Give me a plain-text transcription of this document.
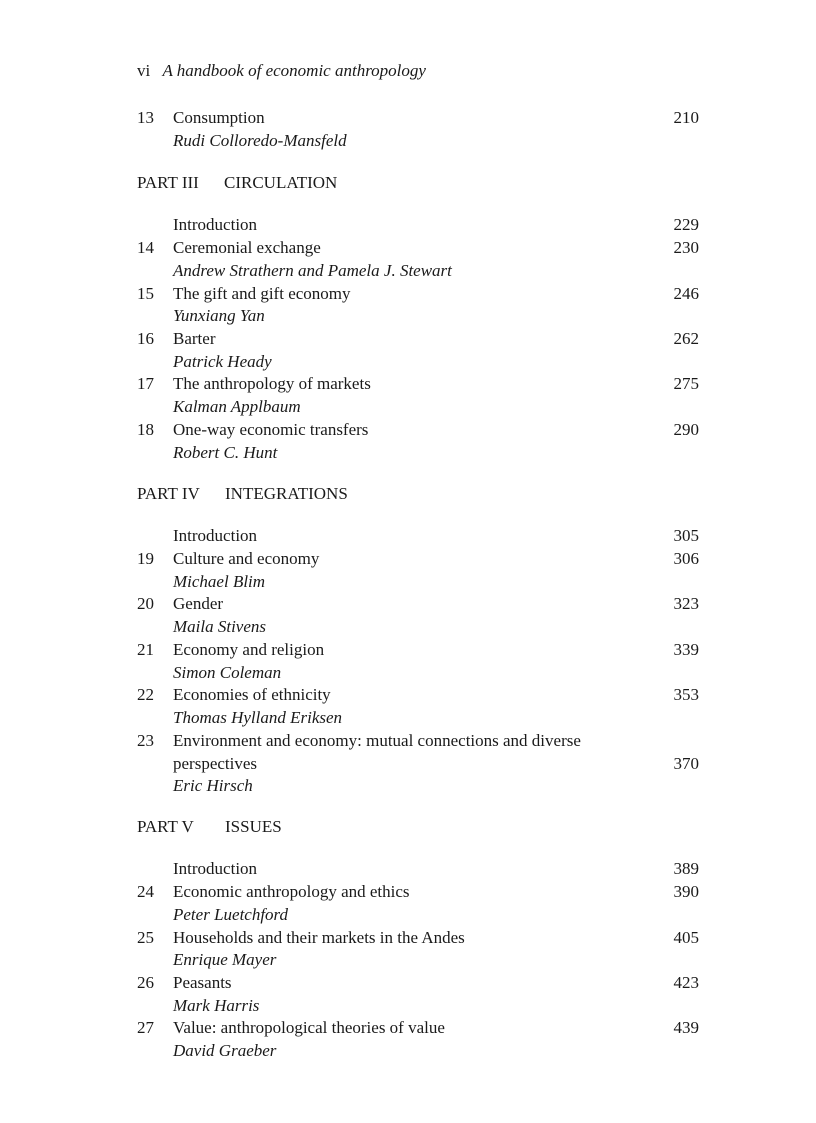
vi A handbook of economic anthropology
13	Consumption	210
Rudi Colloredo-Mansfeld
PART III CIRCULATION
Introduction	229
14	Ceremonial exchange	230
Andrew Strathern and Pamela J. Stewart
15	The gift and gift economy	246
Yunxiang Yan
16	Barter	262
Patrick Heady
17	The anthropology of markets	275
Kalman Applbaum
18	One-way economic transfers	290
Robert C. Hunt
PART IV INTEGRATIONS
Introduction	305
19	Culture and economy	306
Michael Blim
20	Gender	323
Maila Stivens
21	Economy and religion	339
Simon Coleman
22	Economies of ethnicity	353
Thomas Hylland Eriksen
23	Environment and economy: mutual connections and diverse
perspectives	370
Eric Hirsch
PART V ISSUES
Introduction	389
24	Economic anthropology and ethics	390
Peter Luetchford
25	Households and their markets in the Andes	405
Enrique Mayer
26	Peasants	423
Mark Harris
27	Value: anthropological theories of value	439
David Graeber
